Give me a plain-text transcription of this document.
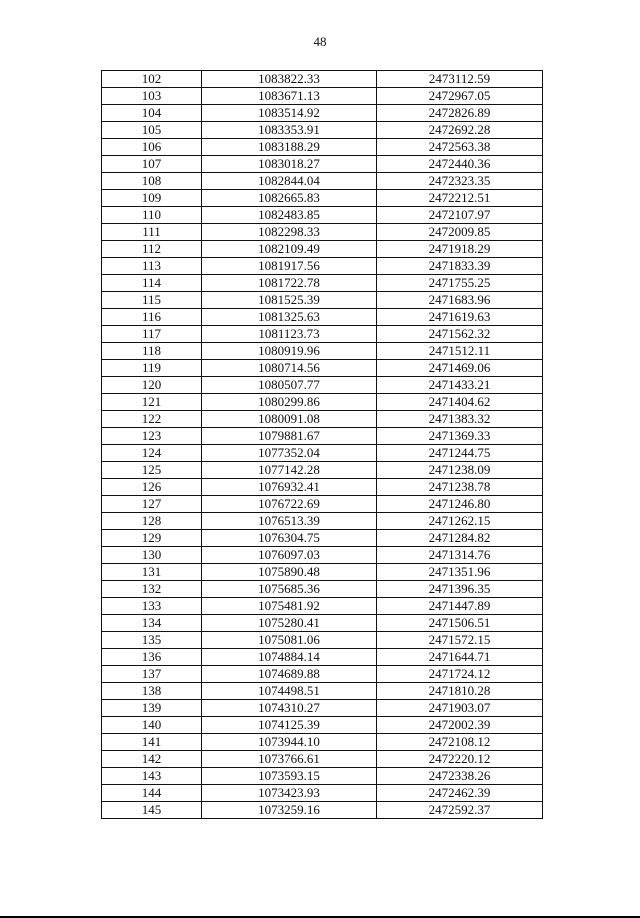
48
102	1083822.33	2473112.59
103	1083671.13	2472967.05
104	1083514.92	2472826.89
105	1083353.91	2472692.28
106	1083188.29	2472563.38
107	1083018.27	2472440.36
108	1082844.04	2472323.35
109	1082665.83	2472212.51
110	1082483.85	2472107.97
111	1082298.33	2472009.85
112	1082109.49	2471918.29
113	1081917.56	2471833.39
114	1081722.78	2471755.25
115	1081525.39	2471683.96
116	1081325.63	2471619.63
117	1081123.73	2471562.32
118	1080919.96	2471512.11
119	1080714.56	2471469.06
120	1080507.77	2471433.21
121	1080299.86	2471404.62
122	1080091.08	2471383.32
123	1079881.67	2471369.33
124	1077352.04	2471244.75
125	1077142.28	2471238.09
126	1076932.41	2471238.78
127	1076722.69	2471246.80
128	1076513.39	2471262.15
129	1076304.75	2471284.82
130	1076097.03	2471314.76
131	1075890.48	2471351.96
132	1075685.36	2471396.35
133	1075481.92	2471447.89
134	1075280.41	2471506.51
135	1075081.06	2471572.15
136	1074884.14	2471644.71
137	1074689.88	2471724.12
138	1074498.51	2471810.28
139	1074310.27	2471903.07
140	1074125.39	2472002.39
141	1073944.10	2472108.12
142	1073766.61	2472220.12
143	1073593.15	2472338.26
144	1073423.93	2472462.39
145	1073259.16	2472592.37
